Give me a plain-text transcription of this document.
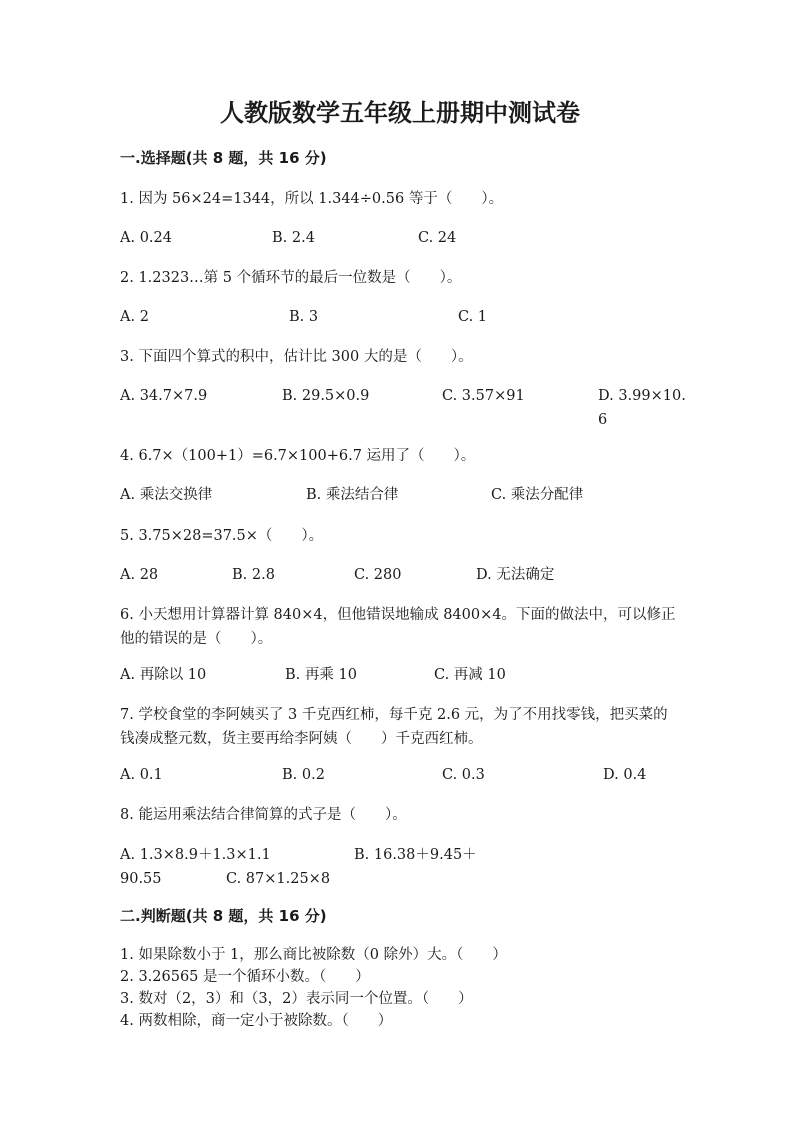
人教版数学五年级上册期中测试卷

一.选择题(共 8 题，共 16 分)

1. 因为 56×24=1344，所以 1.344÷0.56 等于（　　）。

A. 0.24	B. 2.4	C. 24

2. 1.2323…第 5 个循环节的最后一位数是（　　）。

A. 2	B. 3	C. 1

3. 下面四个算式的积中，估计比 300 大的是（　　）。

A. 34.7×7.9	B. 29.5×0.9	C. 3.57×91	D. 3.99×10.6

4. 6.7×（100+1）=6.7×100+6.7 运用了（　　）。

A. 乘法交换律	B. 乘法结合律	C. 乘法分配律

5. 3.75×28=37.5×（　　）。

A. 28	B. 2.8	C. 280	D. 无法确定

6. 小天想用计算器计算 840×4，但他错误地输成 8400×4。下面的做法中，可以修正他的错误的是（　　）。

A. 再除以 10	B. 再乘 10	C. 再减 10

7. 学校食堂的李阿姨买了 3 千克西红柿，每千克 2.6 元，为了不用找零钱，把买菜的钱凑成整元数，货主要再给李阿姨（　　）千克西红柿。

A. 0.1	B. 0.2	C. 0.3	D. 0.4

8. 能运用乘法结合律简算的式子是（　　）。

A. 1.3×8.9＋1.3×1.1	B. 16.38＋9.45＋
90.55	C. 87×1.25×8

二.判断题(共 8 题，共 16 分)

1. 如果除数小于 1，那么商比被除数（0 除外）大。（　　）

2. 3.26565 是一个循环小数。（　　）

3. 数对（2，3）和（3，2）表示同一个位置。（　　）

4. 两数相除，商一定小于被除数。（　　）
